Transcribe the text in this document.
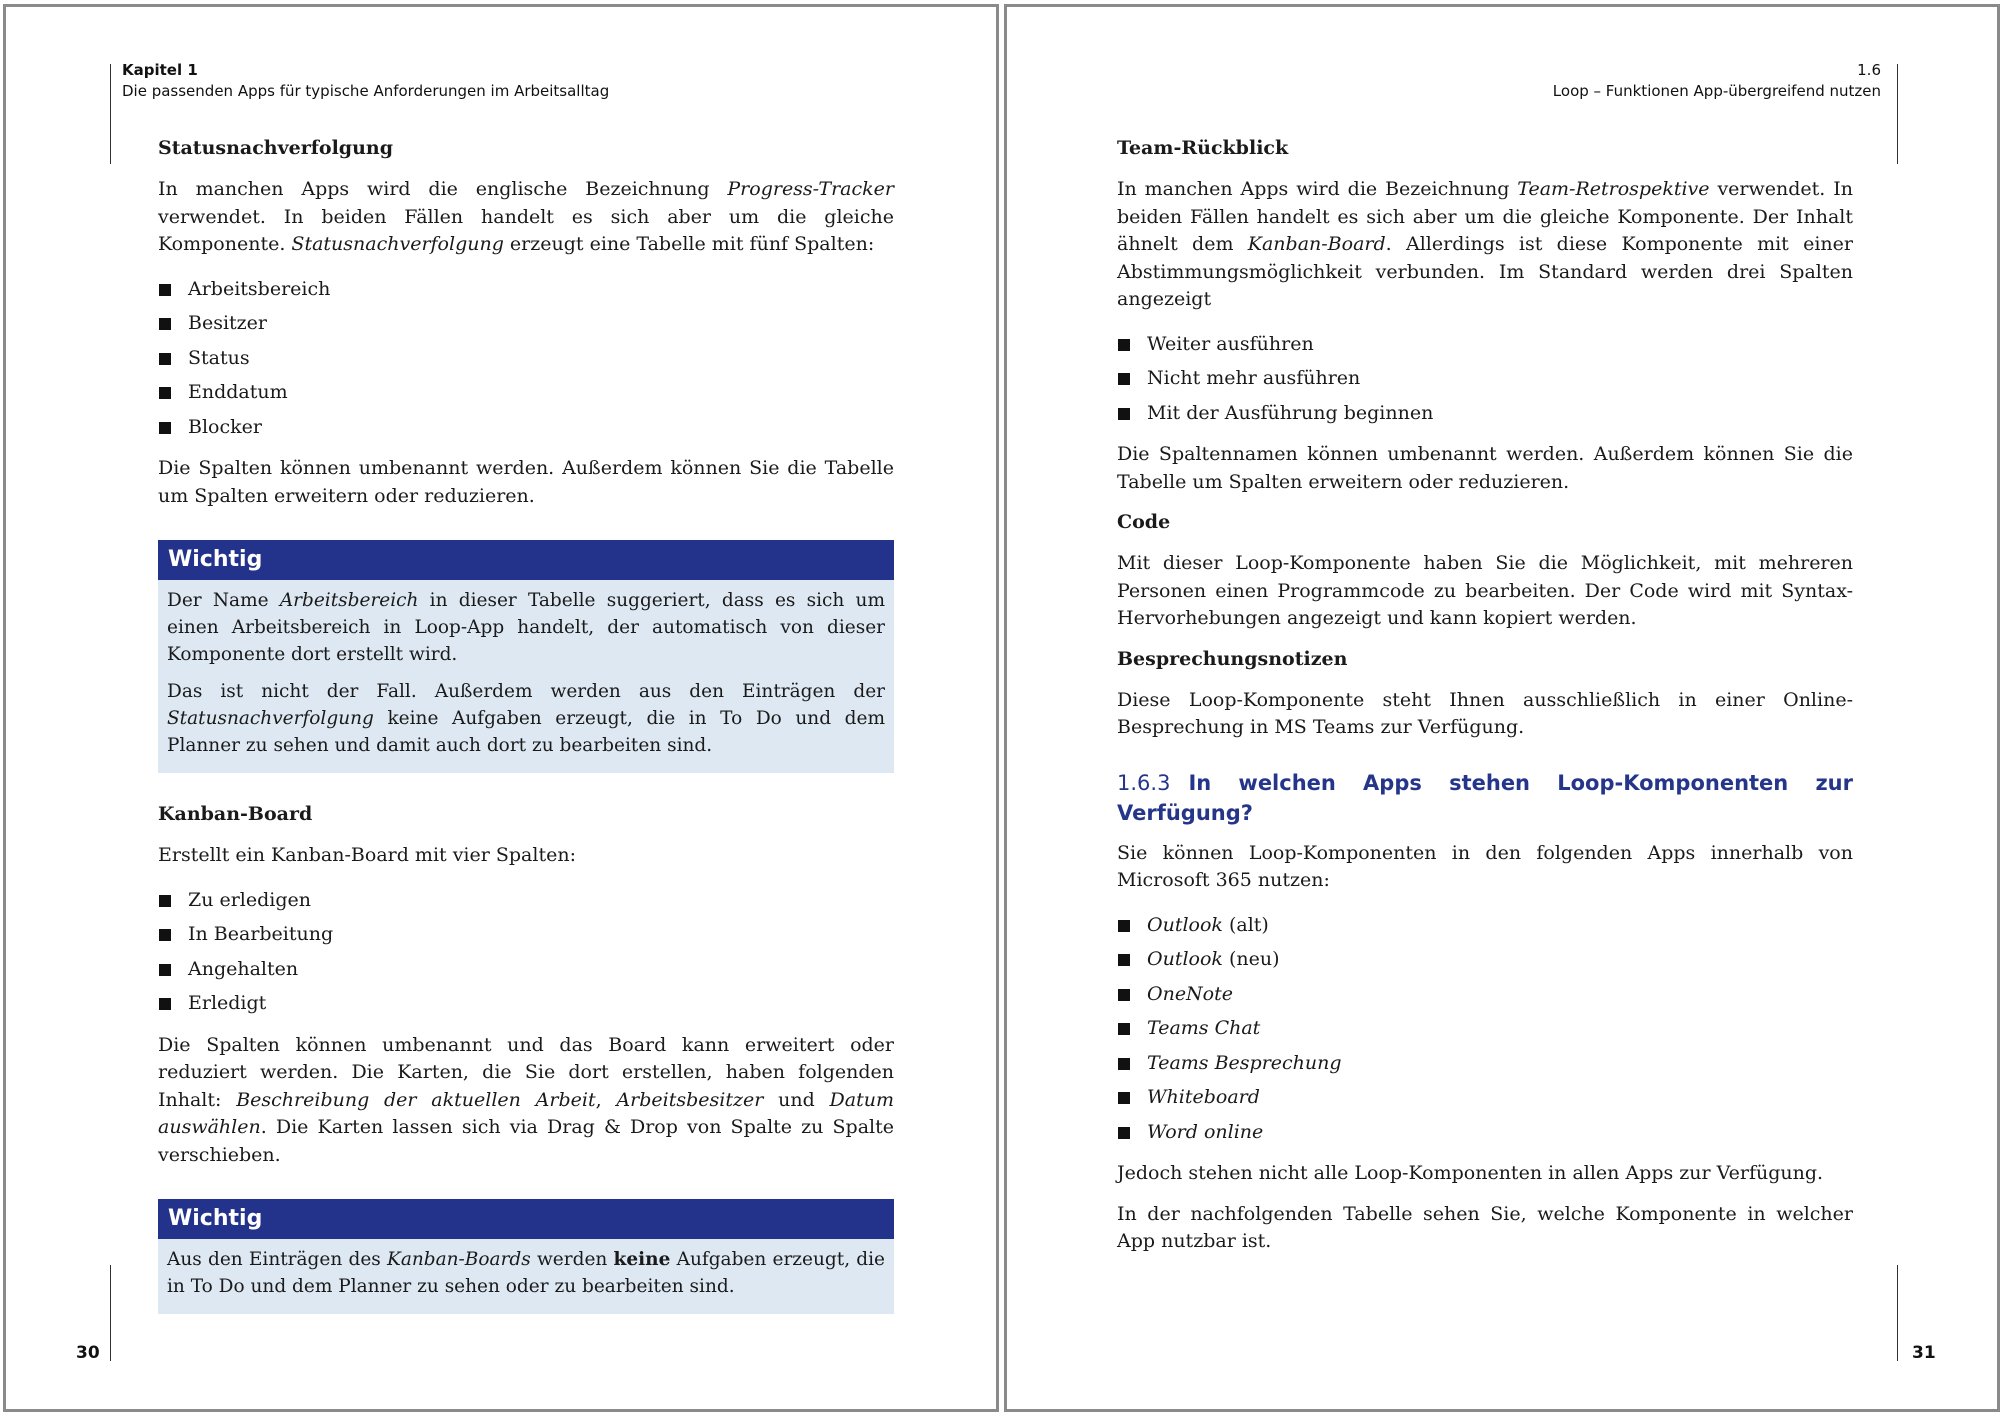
Kapitel 1
Die passenden Apps für typische Anforderungen im Arbeitsalltag
Statusnachverfolgung

In manchen Apps wird die englische Bezeichnung Progress-Tracker verwendet. In beiden Fällen handelt es sich aber um die gleiche Komponente. Statusnachverfolgung erzeugt eine Tabelle mit fünf Spalten:

Arbeitsbereich
Besitzer
Status
Enddatum
Blocker

Die Spalten können umbenannt werden. Außerdem können Sie die Tabelle um Spalten erweitern oder reduzieren.

Wichtig

Der Name Arbeitsbereich in dieser Tabelle suggeriert, dass es sich um einen Arbeitsbereich in Loop-App handelt, der automatisch von dieser Komponente dort erstellt wird.

Das ist nicht der Fall. Außerdem werden aus den Einträgen der Statusnachverfolgung keine Aufgaben erzeugt, die in To Do und dem Planner zu sehen und damit auch dort zu bearbeiten sind.

Kanban-Board

Erstellt ein Kanban-Board mit vier Spalten:

Zu erledigen
In Bearbeitung
Angehalten
Erledigt

Die Spalten können umbenannt und das Board kann erweitert oder reduziert werden. Die Karten, die Sie dort erstellen, haben folgenden Inhalt: Beschreibung der aktuellen Arbeit, Arbeitsbesitzer und Datum auswählen. Die Karten lassen sich via Drag & Drop von Spalte zu Spalte verschieben.

Wichtig

Aus den Einträgen des Kanban-Boards werden keine Aufgaben erzeugt, die in To Do und dem Planner zu sehen oder zu bearbeiten sind.

30
1.6
Loop – Funktionen App-übergreifend nutzen
Team-Rückblick

In manchen Apps wird die Bezeichnung Team-Retrospektive verwendet. In beiden Fällen handelt es sich aber um die gleiche Komponente. Der Inhalt ähnelt dem Kanban-Board. Allerdings ist diese Komponente mit einer Abstimmungsmöglichkeit verbunden. Im Standard werden drei Spalten angezeigt

Weiter ausführen
Nicht mehr ausführen
Mit der Ausführung beginnen

Die Spaltennamen können umbenannt werden. Außerdem können Sie die Tabelle um Spalten erweitern oder reduzieren.

Code

Mit dieser Loop-Komponente haben Sie die Möglichkeit, mit mehreren Personen einen Programmcode zu bearbeiten. Der Code wird mit Syntax-Hervorhebungen angezeigt und kann kopiert werden.

Besprechungsnotizen

Diese Loop-Komponente steht Ihnen ausschließlich in einer Online-Besprechung in MS Teams zur Verfügung.

1.6.3 In welchen Apps stehen Loop-Komponenten zur Verfügung?

Sie können Loop-Komponenten in den folgenden Apps innerhalb von Microsoft 365 nutzen:

Outlook (alt)
Outlook (neu)
OneNote
Teams Chat
Teams Besprechung
Whiteboard
Word online

Jedoch stehen nicht alle Loop-Komponenten in allen Apps zur Verfügung.

In der nachfolgenden Tabelle sehen Sie, welche Komponente in welcher App nutzbar ist.

31
